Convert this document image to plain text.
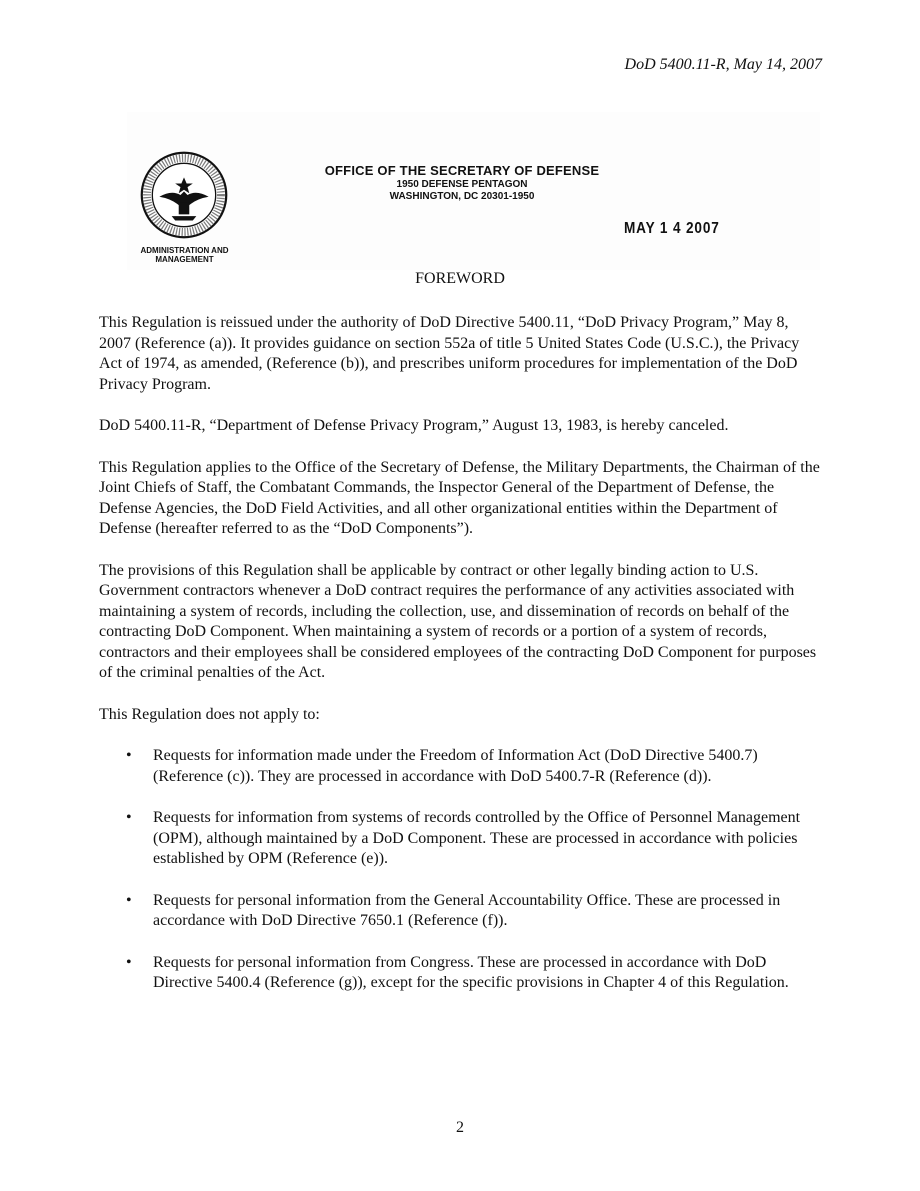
DoD 5400.11-R, May 14, 2007
ADMINISTRATION AND
MANAGEMENT
OFFICE OF THE SECRETARY OF DEFENSE
1950 DEFENSE PENTAGON
WASHINGTON, DC 20301-1950
MAY 1 4 2007
FOREWORD

This Regulation is reissued under the authority of DoD Directive 5400.11, “DoD Privacy Program,” May 8, 2007 (Reference (a)). It provides guidance on section 552a of title 5 United States Code (U.S.C.), the Privacy Act of 1974, as amended, (Reference (b)), and prescribes uniform procedures for implementation of the DoD Privacy Program.

DoD 5400.11-R, “Department of Defense Privacy Program,” August 13, 1983, is hereby canceled.

This Regulation applies to the Office of the Secretary of Defense, the Military Departments, the Chairman of the Joint Chiefs of Staff, the Combatant Commands, the Inspector General of the Department of Defense, the Defense Agencies, the DoD Field Activities, and all other organizational entities within the Department of Defense (hereafter referred to as the “DoD Components”).

The provisions of this Regulation shall be applicable by contract or other legally binding action to U.S. Government contractors whenever a DoD contract requires the performance of any activities associated with maintaining a system of records, including the collection, use, and dissemination of records on behalf of the contracting DoD Component. When maintaining a system of records or a portion of a system of records, contractors and their employees shall be considered employees of the contracting DoD Component for purposes of the criminal penalties of the Act.

This Regulation does not apply to:

• Requests for information made under the Freedom of Information Act (DoD Directive 5400.7) (Reference (c)). They are processed in accordance with DoD 5400.7-R (Reference (d)).
• Requests for information from systems of records controlled by the Office of Personnel Management (OPM), although maintained by a DoD Component. These are processed in accordance with policies established by OPM (Reference (e)).
• Requests for personal information from the General Accountability Office. These are processed in accordance with DoD Directive 7650.1 (Reference (f)).
• Requests for personal information from Congress. These are processed in accordance with DoD Directive 5400.4 (Reference (g)), except for the specific provisions in Chapter 4 of this Regulation.
2
